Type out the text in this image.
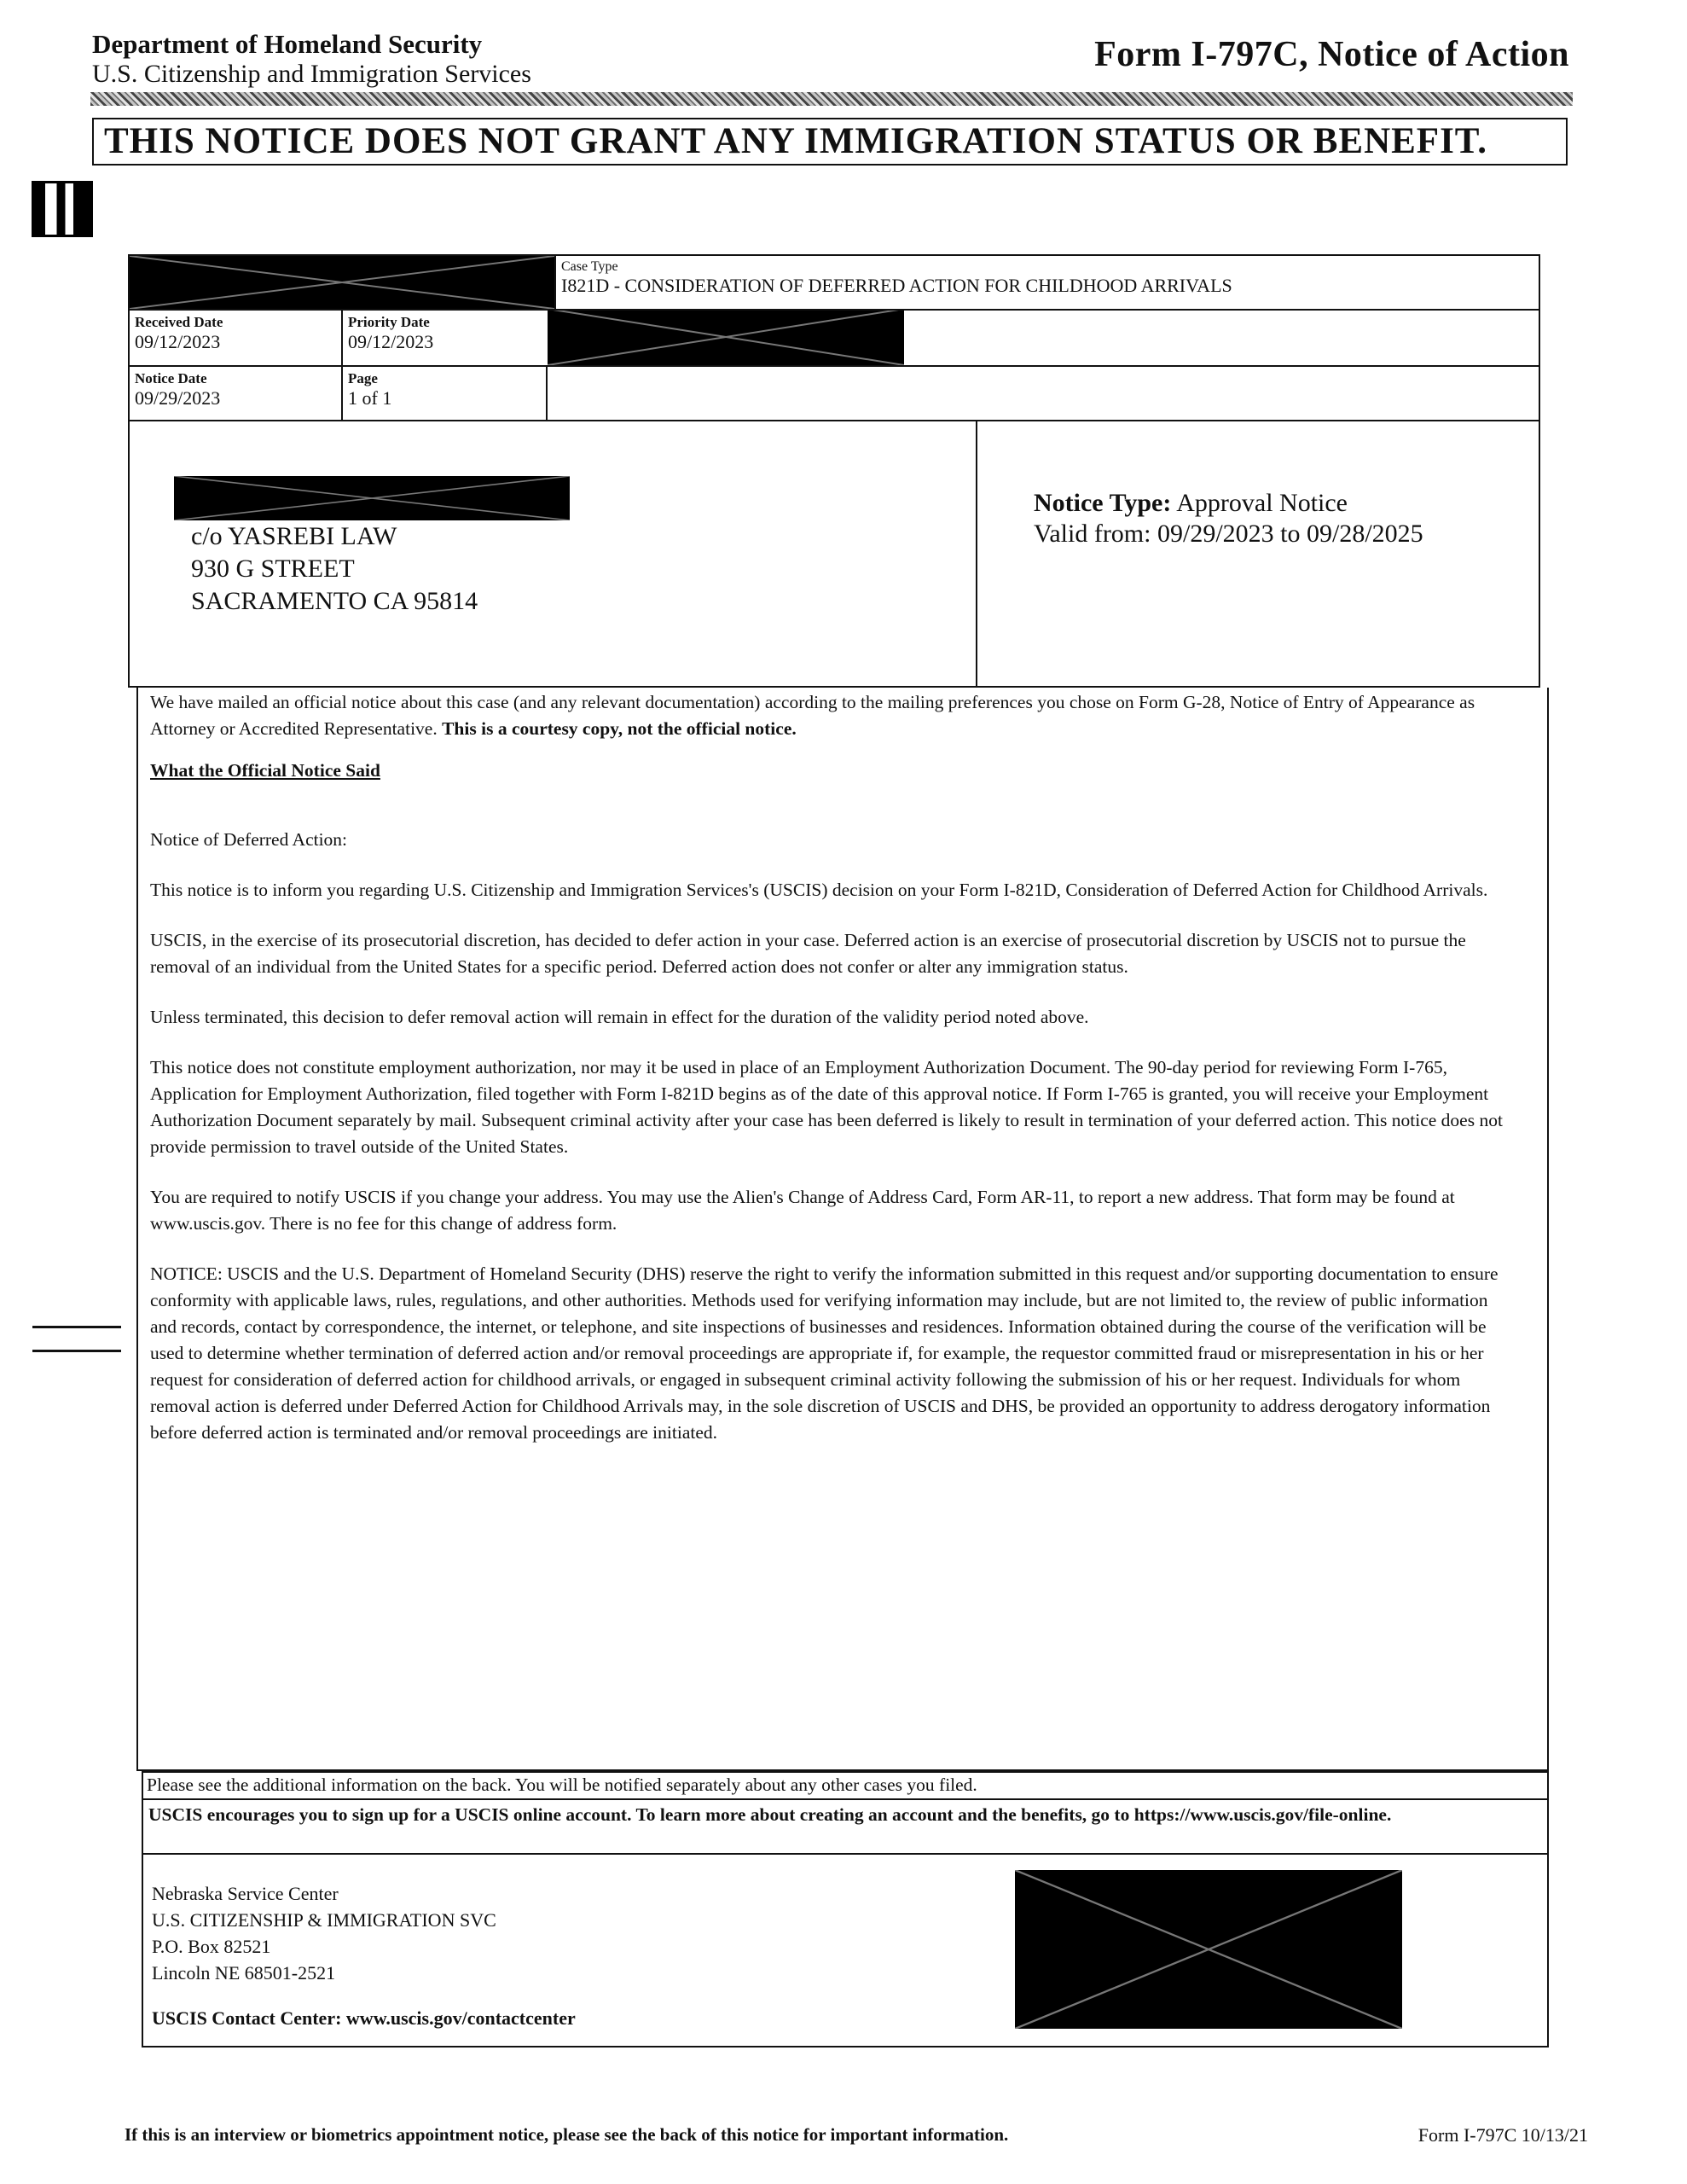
Department of Homeland Security
U.S. Citizenship and Immigration Services	Form I-797C, Notice of Action
THIS NOTICE DOES NOT GRANT ANY IMMIGRATION STATUS OR BENEFIT.
Case Type
I821D - CONSIDERATION OF DEFERRED ACTION FOR CHILDHOOD ARRIVALS
Received Date
09/12/2023
Priority Date
09/12/2023
Notice Date
09/29/2023
Page
1 of 1
c/o YASREBI LAW
930 G STREET
SACRAMENTO CA 95814
Notice Type: Approval Notice
Valid from: 09/29/2023 to 09/28/2025

We have mailed an official notice about this case (and any relevant documentation) according to the mailing preferences you chose on Form G-28, Notice of Entry of Appearance as Attorney or Accredited Representative. This is a courtesy copy, not the official notice.

What the Official Notice Said

Notice of Deferred Action:

This notice is to inform you regarding U.S. Citizenship and Immigration Services's (USCIS) decision on your Form I-821D, Consideration of Deferred Action for Childhood Arrivals.

USCIS, in the exercise of its prosecutorial discretion, has decided to defer action in your case. Deferred action is an exercise of prosecutorial discretion by USCIS not to pursue the removal of an individual from the United States for a specific period. Deferred action does not confer or alter any immigration status.

Unless terminated, this decision to defer removal action will remain in effect for the duration of the validity period noted above.

This notice does not constitute employment authorization, nor may it be used in place of an Employment Authorization Document. The 90-day period for reviewing Form I-765, Application for Employment Authorization, filed together with Form I-821D begins as of the date of this approval notice. If Form I-765 is granted, you will receive your Employment Authorization Document separately by mail. Subsequent criminal activity after your case has been deferred is likely to result in termination of your deferred action. This notice does not provide permission to travel outside of the United States.

You are required to notify USCIS if you change your address. You may use the Alien's Change of Address Card, Form AR-11, to report a new address. That form may be found at www.uscis.gov. There is no fee for this change of address form.

NOTICE: USCIS and the U.S. Department of Homeland Security (DHS) reserve the right to verify the information submitted in this request and/or supporting documentation to ensure conformity with applicable laws, rules, regulations, and other authorities. Methods used for verifying information may include, but are not limited to, the review of public information and records, contact by correspondence, the internet, or telephone, and site inspections of businesses and residences. Information obtained during the course of the verification will be used to determine whether termination of deferred action and/or removal proceedings are appropriate if, for example, the requestor committed fraud or misrepresentation in his or her request for consideration of deferred action for childhood arrivals, or engaged in subsequent criminal activity following the submission of his or her request. Individuals for whom removal action is deferred under Deferred Action for Childhood Arrivals may, in the sole discretion of USCIS and DHS, be provided an opportunity to address derogatory information before deferred action is terminated and/or removal proceedings are initiated.

Please see the additional information on the back. You will be notified separately about any other cases you filed.
USCIS encourages you to sign up for a USCIS online account. To learn more about creating an account and the benefits, go to https://www.uscis.gov/file-online.
Nebraska Service Center
U.S. CITIZENSHIP & IMMIGRATION SVC
P.O. Box 82521
Lincoln NE 68501-2521
USCIS Contact Center: www.uscis.gov/contactcenter
If this is an interview or biometrics appointment notice, please see the back of this notice for important information.	Form I-797C 10/13/21
